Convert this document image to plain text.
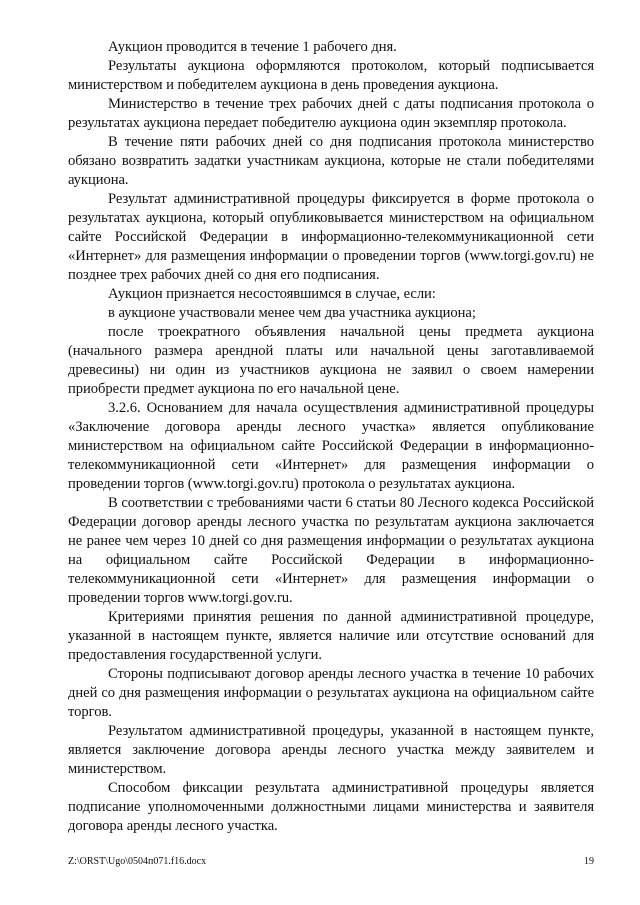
Аукцион проводится в течение 1 рабочего дня.

Результаты аукциона оформляются протоколом, который подписывается министерством и победителем аукциона в день проведения аукциона.

Министерство в течение трех рабочих дней с даты подписания протокола о результатах аукциона передает победителю аукциона один экземпляр протокола.

В течение пяти рабочих дней со дня подписания протокола министерство обязано возвратить задатки участникам аукциона, которые не стали победителями аукциона.

Результат административной процедуры фиксируется в форме протокола о результатах аукциона, который опубликовывается министерством на официальном сайте Российской Федерации в информационно-телекоммуникационной сети «Интернет» для размещения информации о проведении торгов (www.torgi.gov.ru) не позднее трех рабочих дней со дня его подписания.

Аукцион признается несостоявшимся в случае, если:

в аукционе участвовали менее чем два участника аукциона;

после троекратного объявления начальной цены предмета аукциона (начального размера арендной платы или начальной цены заготавливаемой древесины) ни один из участников аукциона не заявил о своем намерении приобрести предмет аукциона по его начальной цене.

3.2.6. Основанием для начала осуществления административной процедуры «Заключение договора аренды лесного участка» является опубликование министерством на официальном сайте Российской Федерации в информационно-телекоммуникационной сети «Интернет» для размещения информации о проведении торгов (www.torgi.gov.ru) протокола о результатах аукциона.

В соответствии с требованиями части 6 статьи 80 Лесного кодекса Российской Федерации договор аренды лесного участка по результатам аукциона заключается не ранее чем через 10 дней со дня размещения информации о результатах аукциона на официальном сайте Российской Федерации в информационно-телекоммуникационной сети «Интернет» для размещения информации о проведении торгов www.torgi.gov.ru.

Критериями принятия решения по данной административной процедуре, указанной в настоящем пункте, является наличие или отсутствие оснований для предоставления государственной услуги.

Стороны подписывают договор аренды лесного участка в течение 10 рабочих дней со дня размещения информации о результатах аукциона на официальном сайте торгов.

Результатом административной процедуры, указанной в настоящем пункте, является заключение договора аренды лесного участка между заявителем и министерством.

Способом фиксации результата административной процедуры является подписание уполномоченными должностными лицами министерства и заявителя договора аренды лесного участка.

Z:\ORST\Ugo\0504п071.f16.docx	19
